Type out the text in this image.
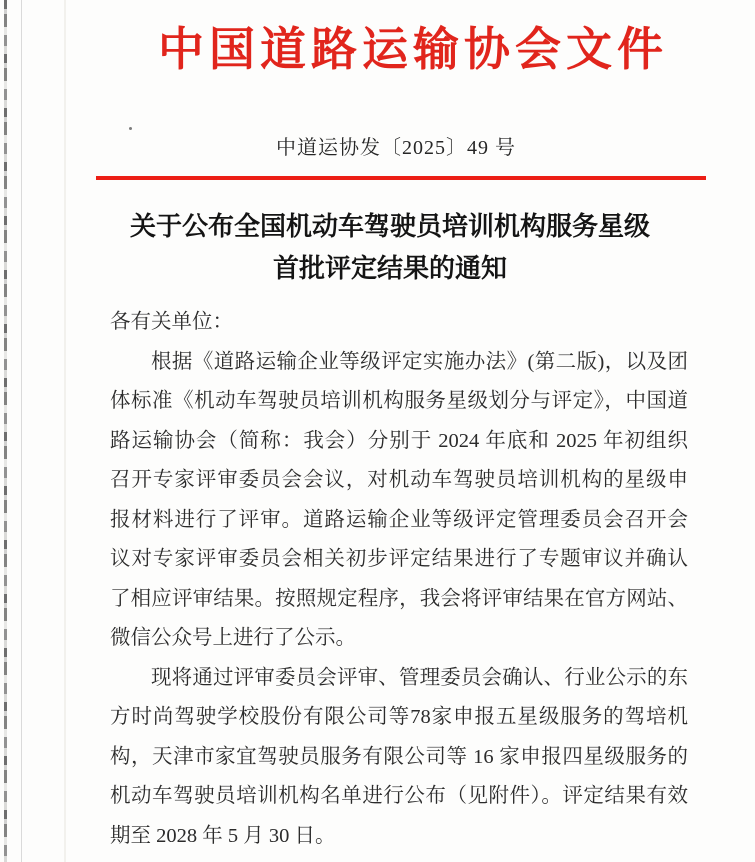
中国道路运输协会文件
中道运协发〔2025〕49 号
关于公布全国机动车驾驶员培训机构服务星级
首批评定结果的通知
各有关单位：
根据《道路运输企业等级评定实施办法》(第二版)，以及团
体标准《机动车驾驶员培训机构服务星级划分与评定》，中国道
路运输协会（简称：我会）分别于 2024 年底和 2025 年初组织
召开专家评审委员会会议，对机动车驾驶员培训机构的星级申
报材料进行了评审。道路运输企业等级评定管理委员会召开会
议对专家评审委员会相关初步评定结果进行了专题审议并确认
了相应评审结果。按照规定程序，我会将评审结果在官方网站、
微信公众号上进行了公示。
现将通过评审委员会评审、管理委员会确认、行业公示的东
方时尚驾驶学校股份有限公司等78家申报五星级服务的驾培机
构，天津市家宜驾驶员服务有限公司等 16 家申报四星级服务的
机动车驾驶员培训机构名单进行公布（见附件）。评定结果有效
期至 2028 年 5 月 30 日。
